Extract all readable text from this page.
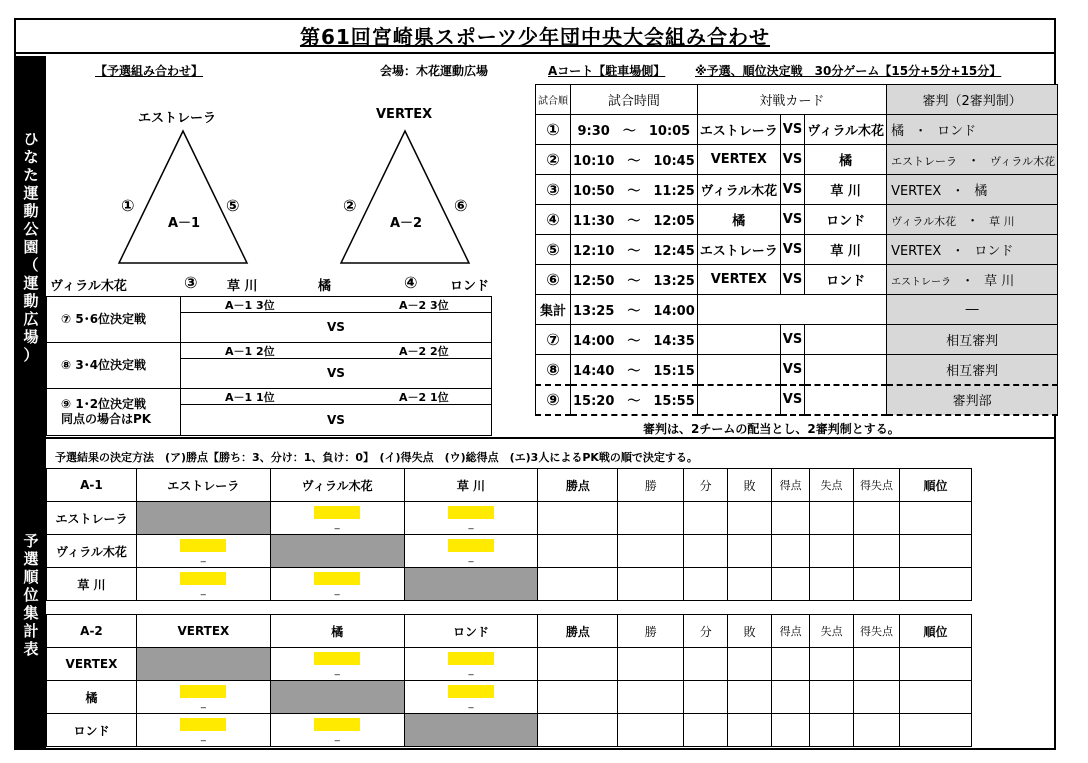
第61回宮崎県スポーツ少年団中央大会組み合わせ
ひ
な
た
運
動
公
園
（
運
動
広
場
）
予
選
順
位
集
計
表
【予選組み合わせ】	会場：木花運動広場	Aコート【駐車場側】 ※予選、順位決定戦　30分ゲーム【15分+5分+15分】
エストレーラ
A－1
①	⑤
ヴィラル木花	③ 草 川
VERTEX
A－2
②	⑥
橘	④ ロンド
⑦ 5･6位決定戦
A－1 3位	A－2 3位
VS
⑧ 3･4位決定戦
A－1 2位	A－2 2位
VS
⑨ 1･2位決定戦
同点の場合はPK
A－1 1位	A－2 1位
VS
試合順	試合時間	対戦カード			審判（2審判制）
①	9:30　～　10:05	エストレーラ	VS	ヴィラル木花	橘 ・ ロンド
②	10:10　～　10:45	VERTEX	VS	橘	エストレーラ ・ ヴィラル木花
③	10:50　～　11:25	ヴィラル木花	VS	草 川	VERTEX ・ 橘
④	11:30　～　12:05	橘	VS	ロンド	ヴィラル木花 ・ 草 川
⑤	12:10　～　12:45	エストレーラ	VS	草 川	VERTEX ・ ロンド
⑥	12:50　～　13:25	VERTEX	VS	ロンド	エストレーラ ・ 草 川
集計	13:25　～　14:00				―
⑦	14:00　～　14:35		VS		相互審判
⑧	14:40　～　15:15		VS		相互審判
⑨	15:20　～　15:55		VS		審判部
審判は、2チームの配当とし、2審判制とする。
予選結果の決定方法　(ア)勝点【勝ち：3、分け：1、負け：0】　(イ)得失点　(ウ)総得点　(エ)3人によるPK戦の順で決定する。
A-1	エストレーラ	ヴィラル木花	草 川	勝点	勝	分	敗	得点	失点	得失点	順位
エストレーラ		_	_								

ヴィラル木花	_		_								

草 川	_	_									

A-2	VERTEX	橘	ロンド	勝点	勝	分	敗	得点	失点	得失点	順位
VERTEX		_	_								

橘	_		_								

ロンド	_	_									
